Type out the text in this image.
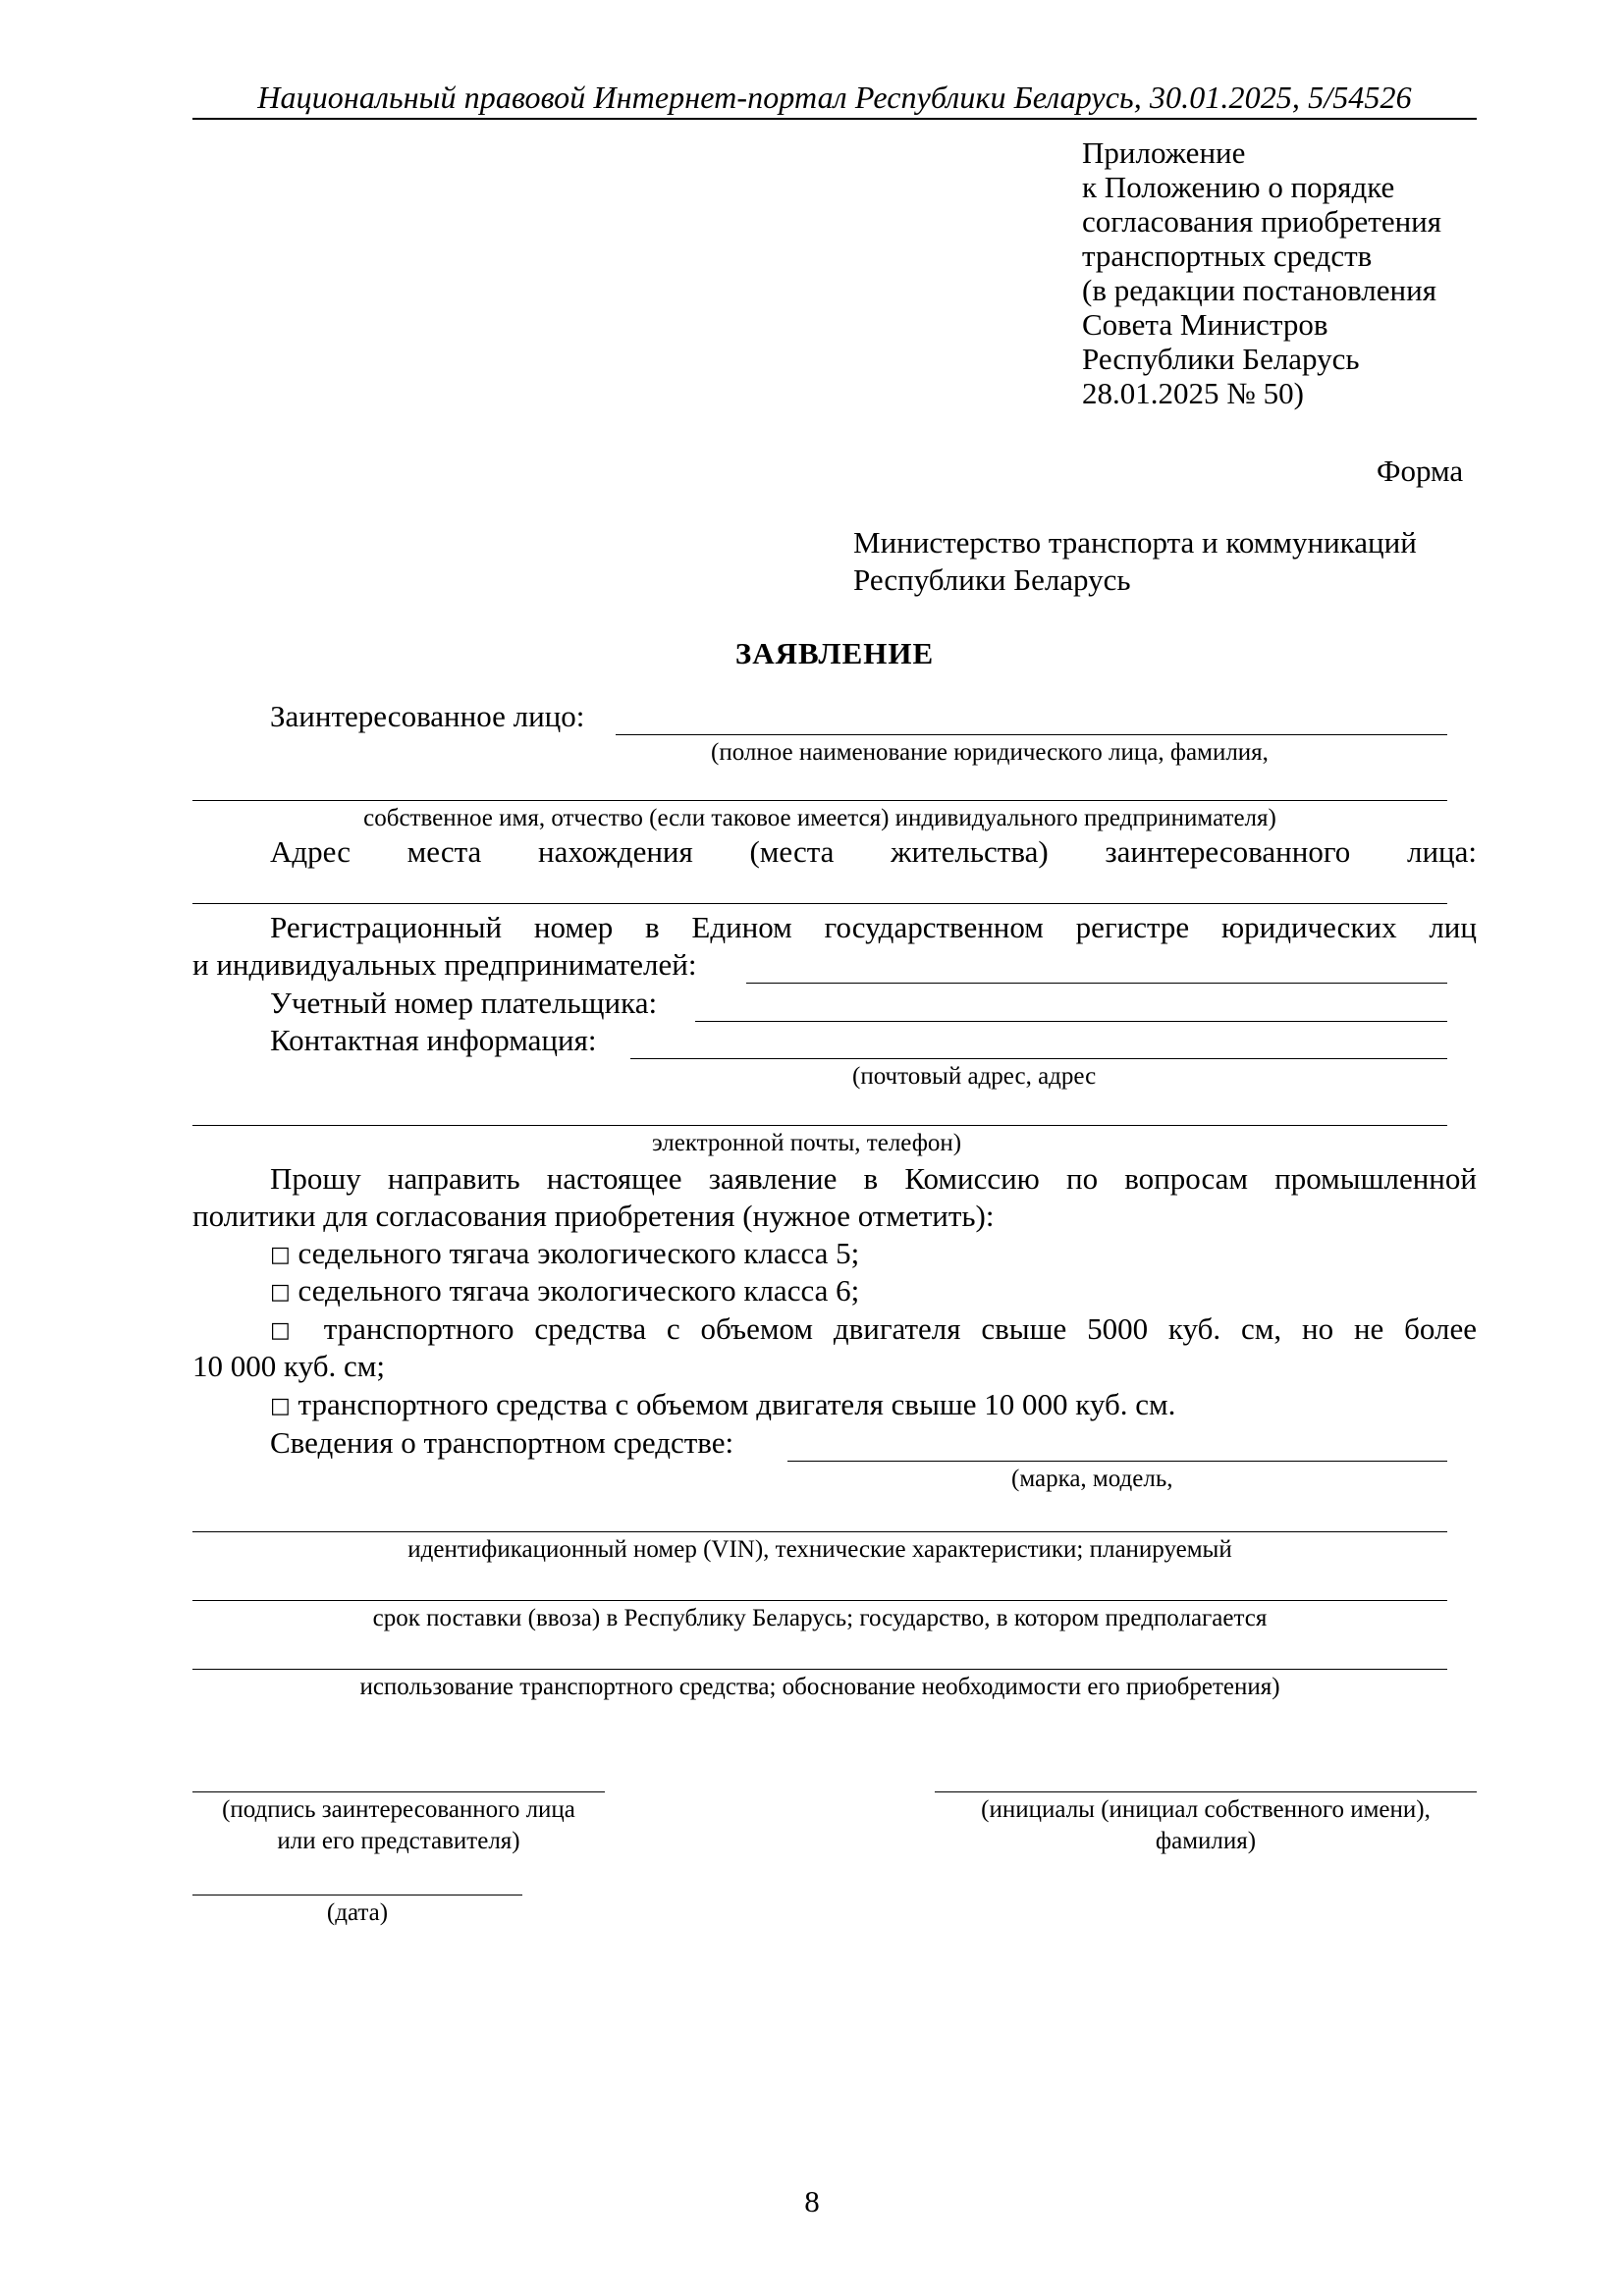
Национальный правовой Интернет-портал Республики Беларусь, 30.01.2025, 5/54526
Приложение
к Положению о порядке
согласования приобретения
транспортных средств
(в редакции постановления
Совета Министров
Республики Беларусь
28.01.2025 № 50)
Форма
Министерство транспорта и коммуникаций
Республики Беларусь
ЗАЯВЛЕНИЕ
Заинтересованное лицо:
(полное наименование юридического лица, фамилия,
собственное имя, отчество (если таковое имеется) индивидуального предпринимателя)
Адрес места нахождения (места жительства) заинтересованного лица:
Регистрационный номер в Едином государственном регистре юридических лиц
и индивидуальных предпринимателей:
Учетный номер плательщика:
Контактная информация:
(почтовый адрес, адрес
электронной почты, телефон)
Прошу направить настоящее заявление в Комиссию по вопросам промышленной
политики для согласования приобретения (нужное отметить):
□ седельного тягача экологического класса 5;
□ седельного тягача экологического класса 6;
□ транспортного средства с объемом двигателя свыше 5000 куб. см, но не более
10 000 куб. см;
□ транспортного средства с объемом двигателя свыше 10 000 куб. см.
Сведения о транспортном средстве:
(марка, модель,
идентификационный номер (VIN), технические характеристики; планируемый
срок поставки (ввоза) в Республику Беларусь; государство, в котором предполагается
использование транспортного средства; обоснование необходимости его приобретения)
(подпись заинтересованного лица
или его представителя)
(инициалы (инициал собственного имени),
фамилия)
(дата)
8
